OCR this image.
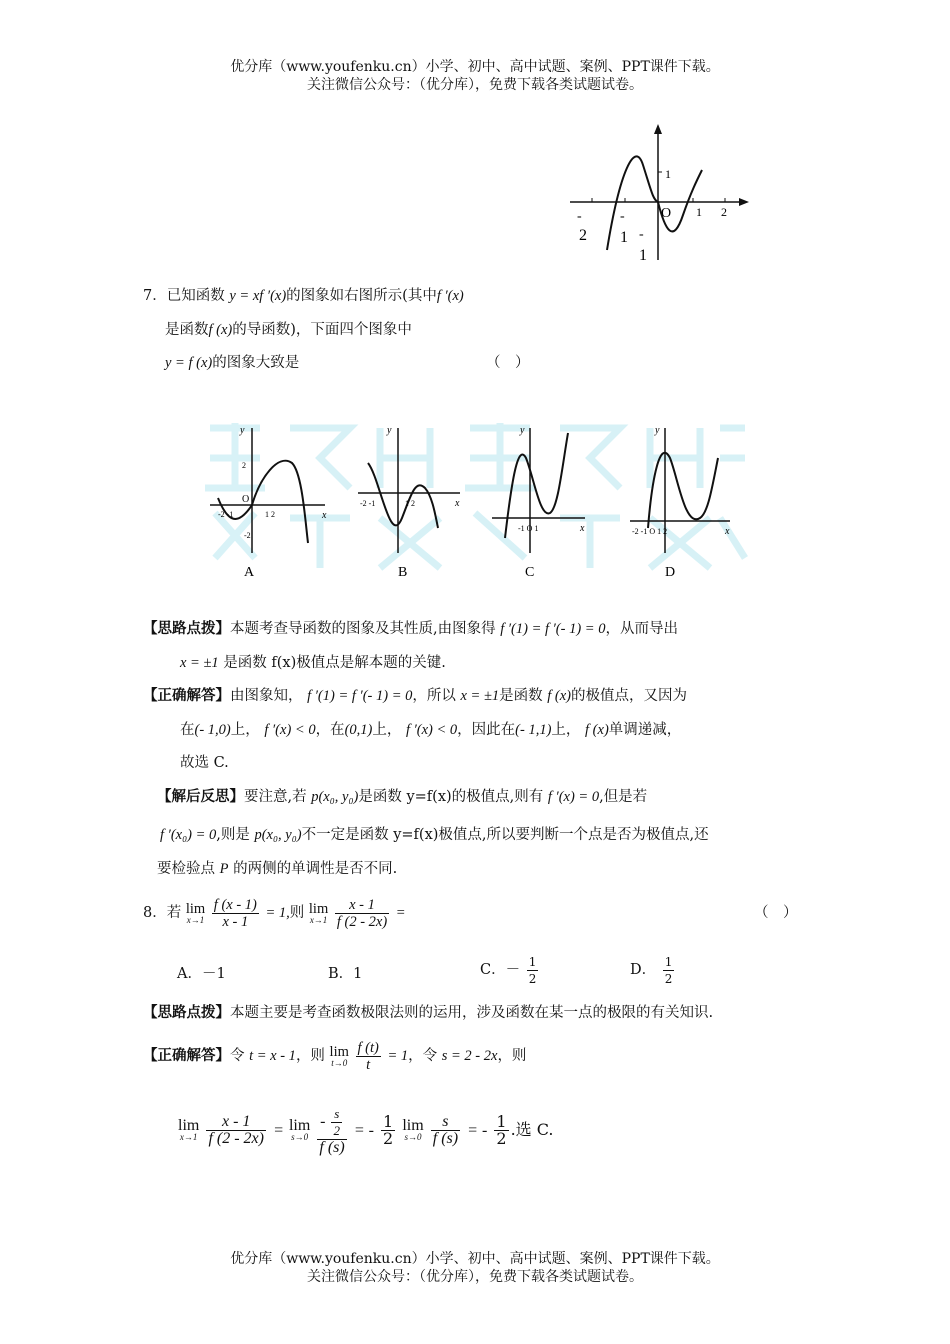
优分库（www.youfenku.cn）小学、初中、高中试题、案例、PPT课件下载。
关注微信公众号：（优分库），免费下载各类试题试卷。
1
O 1 2
-
2
-
1 -
1
7．已知函数 y = xf ′(x)的图象如右图所示(其中f ′(x)
是函数f (x)的导函数)，下面四个图象中
y = f (x)的图象大致是	（　）
y
x
O
-2 -1	1 2
2
-2
A
y
x
-2 -1	1 2
B
y
x
-1 O 1
C
y
x
-2 -1 O 1 2
D
【思路点拨】本题考查导函数的图象及其性质,由图象得 f ′(1) = f ′(- 1) = 0，从而导出
x = ±1 是函数 f(x)极值点是解本题的关键.
【正确解答】由图象知， f ′(1) = f ′(- 1) = 0，所以 x = ±1是函数 f (x)的极值点，又因为
在(- 1,0)上， f ′(x) < 0，在(0,1)上， f ′(x) < 0，因此在(- 1,1)上， f (x)单调递减，
故选 C.
【解后反思】要注意,若 p(x₀, y₀)是函数 y=f(x)的极值点,则有 f ′(x) = 0,但是若
f ′(x₀) = 0,则是 p(x₀, y₀)不一定是函数 y=f(x)极值点,所以要判断一个点是否为极值点,还
要检验点 P 的两侧的单调性是否不同.
8．若 lim
x→1
$\frac{f (x - 1)}{x - 1} = 1$,则 lim
x→1
$\frac{x - 1}{f (2 - 2x)}$ =	（　）
A．－1	B．1	C．－ $\frac{1}{2}$	D． $\frac{1}{2}$
【思路点拨】本题主要是考查函数极限法则的运用，涉及函数在某一点的极限的有关知识.
【正确解答】令 t = x - 1，则 lim
t→0
$\frac{f (t)}{t} = 1$，令 s = 2 - 2x，则
lim
x→1
$\frac{x - 1}{f (2 - 2x)} = \lim$
s→0
$\frac{- \frac{s}{2}}{f (s)}$ = - $\frac{1}{2}$ lim
s→0
$\frac{s}{f (s)}$ = - $\frac{1}{2}$ .选 C.
优分库（www.youfenku.cn）小学、初中、高中试题、案例、PPT课件下载。
关注微信公众号：（优分库），免费下载各类试题试卷。
